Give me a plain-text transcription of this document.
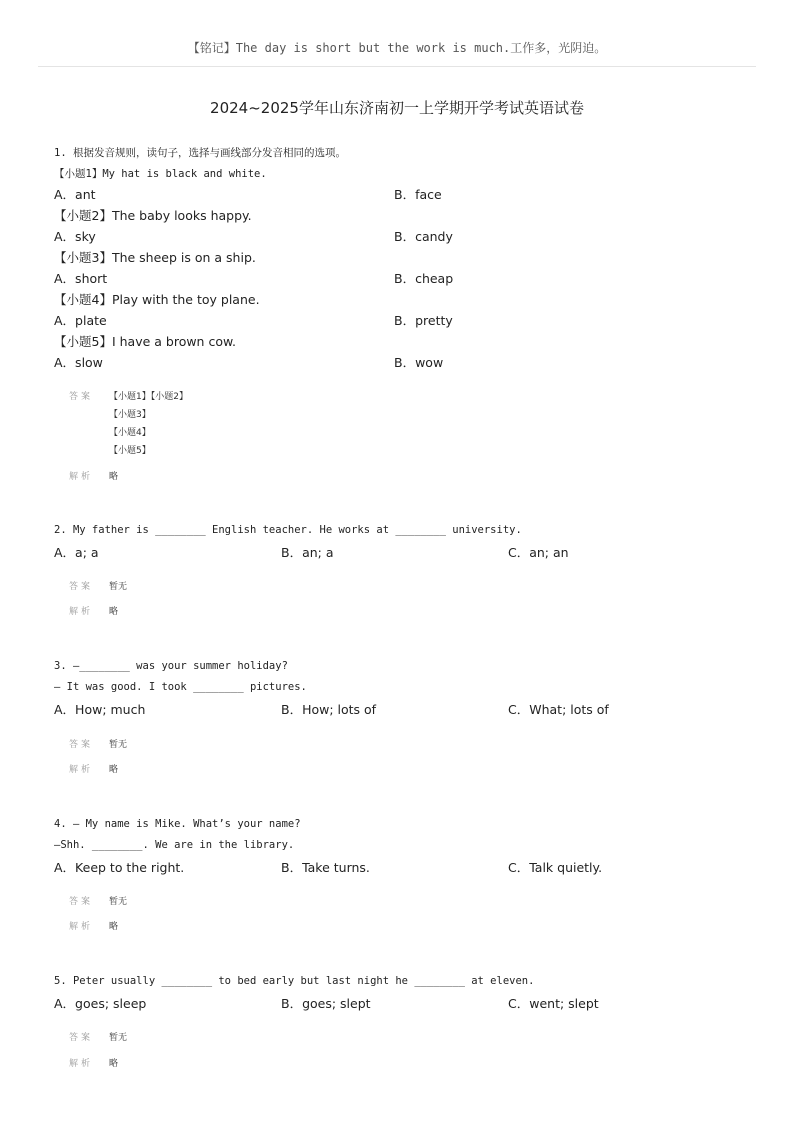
【铭记】The day is short but the work is much.工作多，光阴迫。
2024~2025学年山东济南初一上学期开学考试英语试卷
1. 根据发音规则，读句子，选择与画线部分发音相同的选项。
【小题1】My hat is black and white.
A．ant	B．face
【小题2】The baby looks happy.
A．sky	B．candy
【小题3】The sheep is on a ship.
A．short	B．cheap
【小题4】Play with the toy plane.
A．plate	B．pretty
【小题5】I have a brown cow.
A．slow	B．wow
答案 【小题1】【小题2】
【小题3】
【小题4】
【小题5】
解析 略
2. My father is ________ English teacher. He works at ________ university.
A．a; a	B．an; a	C．an; an
答案 暂无
解析 略
3. —________ was your summer holiday?
— It was good. I took ________ pictures.
A．How; much	B．How; lots of	C．What; lots of
答案 暂无
解析 略
4. — My name is Mike. What’s your name?
—Shh. ________. We are in the library.
A．Keep to the right.	B．Take turns.	C．Talk quietly.
答案 暂无
解析 略
5. Peter usually ________ to bed early but last night he ________ at eleven.
A．goes; sleep	B．goes; slept	C．went; slept
答案 暂无
解析 略
